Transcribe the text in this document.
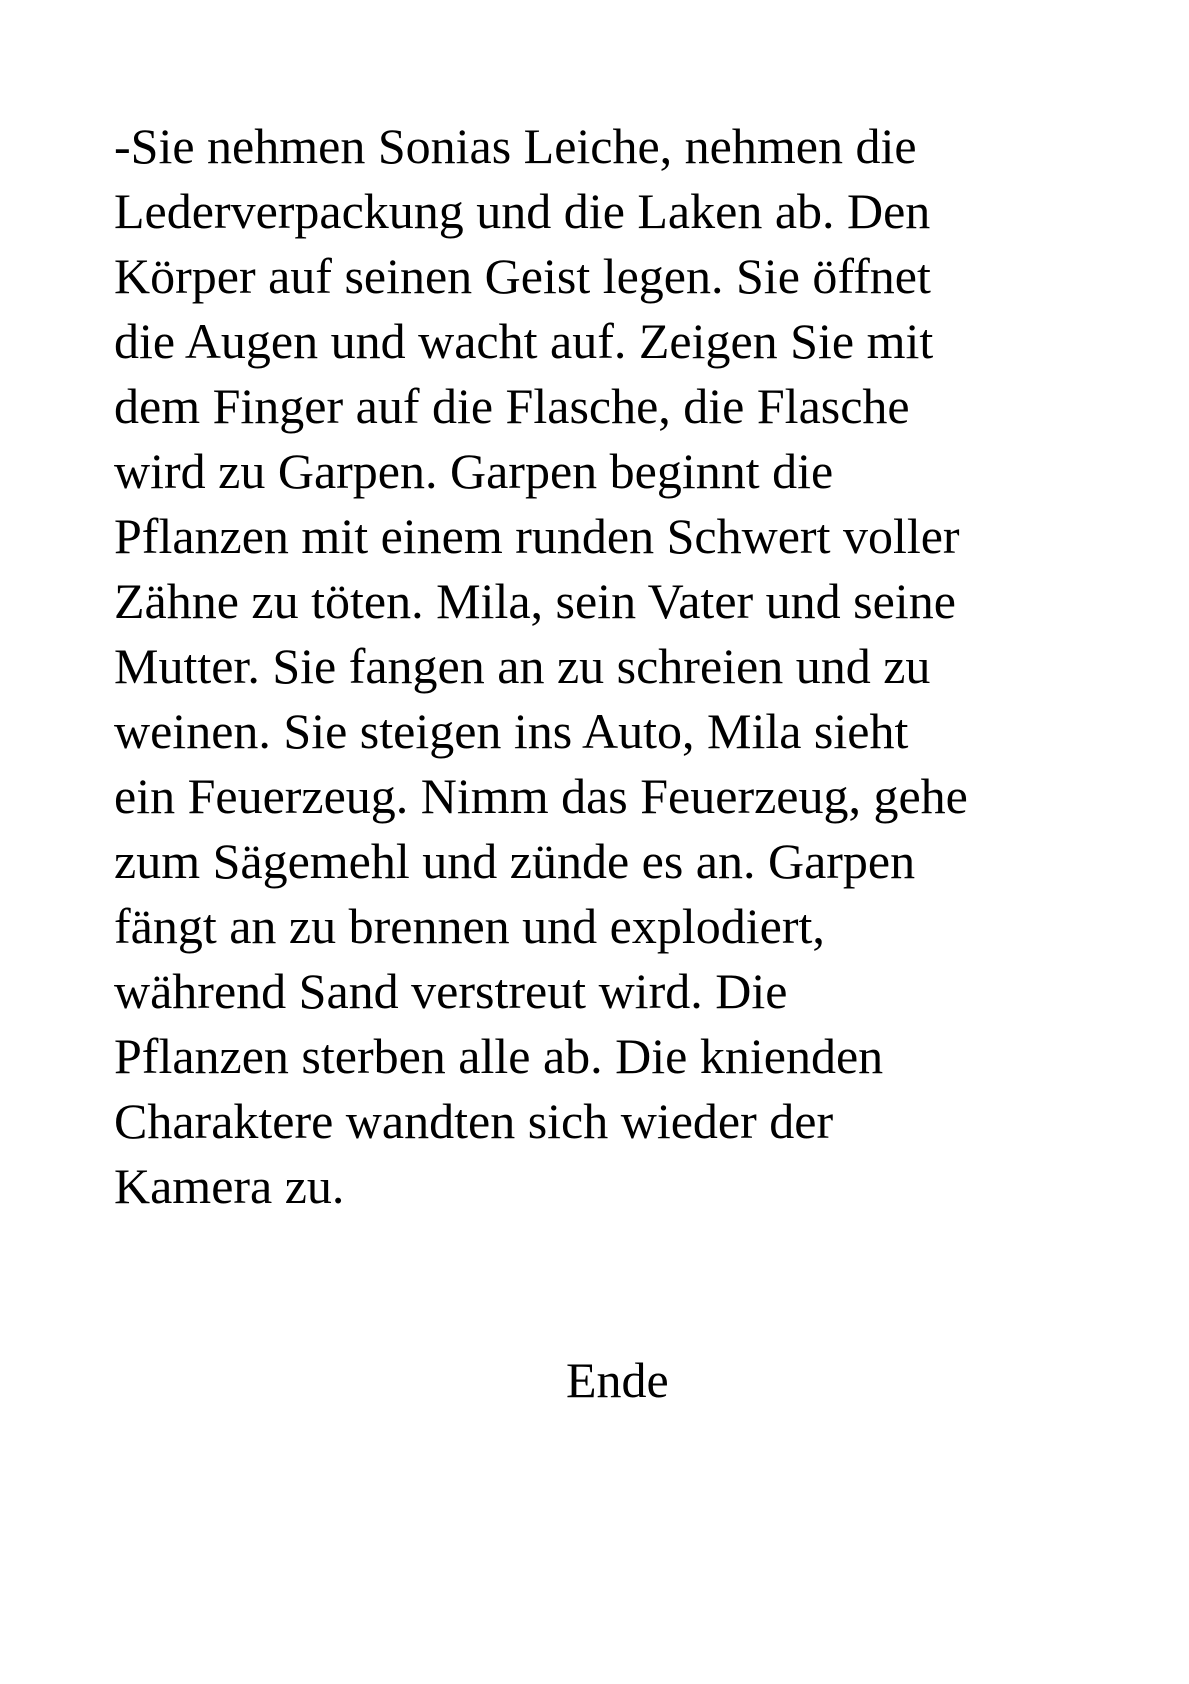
-Sie nehmen Sonias Leiche, nehmen die
Lederverpackung und die Laken ab. Den
Körper auf seinen Geist legen. Sie öffnet
die Augen und wacht auf. Zeigen Sie mit
dem Finger auf die Flasche, die Flasche
wird zu Garpen. Garpen beginnt die
Pflanzen mit einem runden Schwert voller
Zähne zu töten. Mila, sein Vater und seine
Mutter. Sie fangen an zu schreien und zu
weinen. Sie steigen ins Auto, Mila sieht
ein Feuerzeug. Nimm das Feuerzeug, gehe
zum Sägemehl und zünde es an. Garpen
fängt an zu brennen und explodiert,
während Sand verstreut wird. Die
Pflanzen sterben alle ab. Die knienden
Charaktere wandten sich wieder der
Kamera zu.

Ende
